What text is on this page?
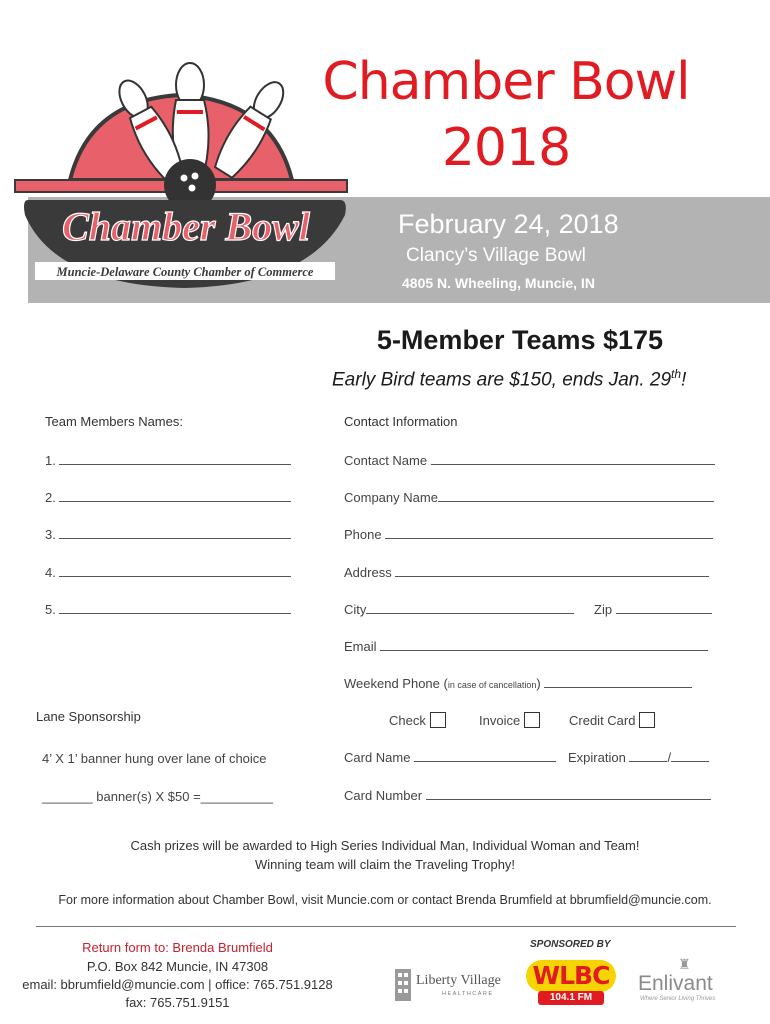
Chamber Bowl
Muncie-Delaware County Chamber of Commerce
Chamber Bowl
2018
February 24, 2018
Clancy’s Village Bowl
4805 N. Wheeling, Muncie, IN
5-Member Teams $175
Early Bird teams are $150, ends Jan. 29th!
Team Members Names:
1.
2.
3.
4.
5.
Contact Information
Contact Name
Company Name
Phone
Address
City	Zip
Email
Weekend Phone (in case of cancellation)
Check	Invoice	Credit Card
Card Name	Expiration	/
Card Number
Lane Sponsorship
4’ X 1’ banner hung over lane of choice
_______ banner(s) X $50 =__________
Cash prizes will be awarded to High Series Individual Man, Individual Woman and Team!
Winning team will claim the Traveling Trophy!
For more information about Chamber Bowl, visit Muncie.com or contact Brenda Brumfield at bbrumfield@muncie.com.
Return form to: Brenda Brumfield
P.O. Box 842 Muncie, IN 47308
email: bbrumfield@muncie.com | office: 765.751.9128
fax: 765.751.9151
SPONSORED BY
Liberty Village
HEALTHCARE
WLBC
104.1 FM
♜
Enlivant
Where Senior Living Thrives
